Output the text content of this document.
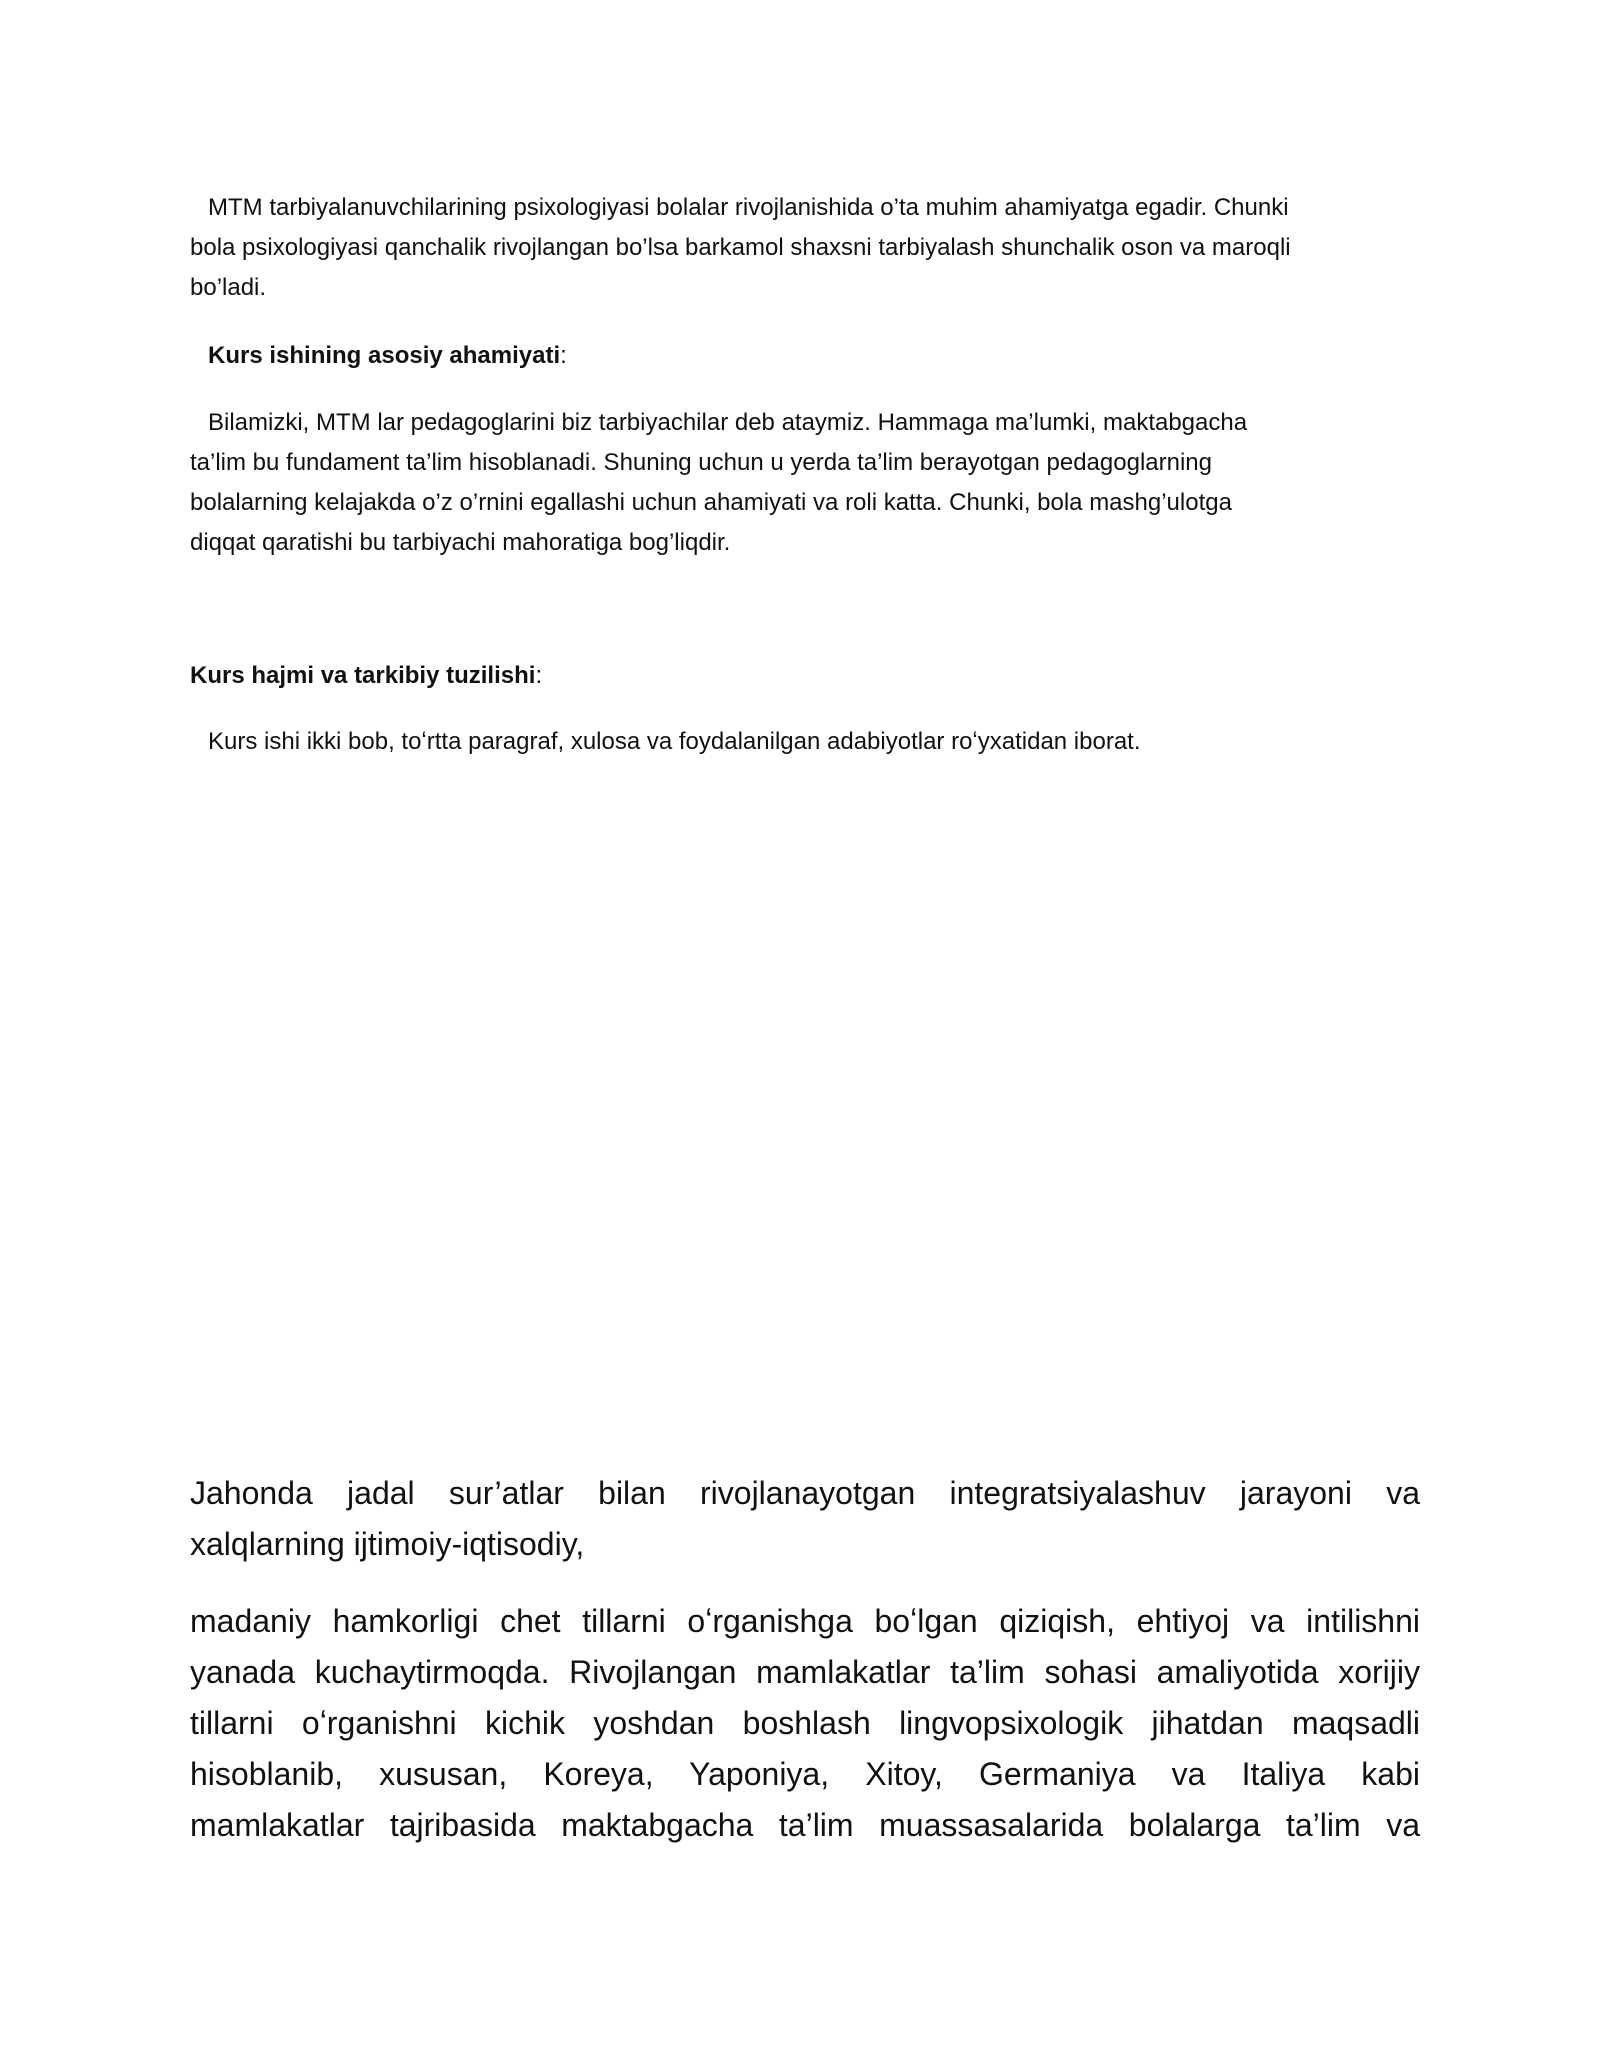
MTM tarbiyalanuvchilarining psixologiyasi bolalar rivojlanishida o’ta muhim ahamiyatga egadir. Chunki
bola psixologiyasi qanchalik rivojlangan bo’lsa barkamol shaxsni tarbiyalash shunchalik oson va maroqli
bo’ladi.
Kurs ishining asosiy ahamiyati:
Bilamizki, MTM lar pedagoglarini biz tarbiyachilar deb ataymiz. Hammaga ma’lumki, maktabgacha
ta’lim bu fundament ta’lim hisoblanadi. Shuning uchun u yerda ta’lim berayotgan pedagoglarning
bolalarning kelajakda o’z o’rnini egallashi uchun ahamiyati va roli katta. Chunki, bola mashg’ulotga
diqqat qaratishi bu tarbiyachi mahoratiga bog’liqdir.
Kurs hajmi va tarkibiy tuzilishi:
Kurs ishi ikki bob, toʻrtta paragraf, xulosa va foydalanilgan adabiyotlar roʻyxatidan iborat.
Jahonda jadal sur’atlar bilan rivojlanayotgan integratsiyalashuv jarayoni va
xalqlarning ijtimoiy-iqtisodiy,
madaniy hamkorligi chet tillarni oʻrganishga boʻlgan qiziqish, ehtiyoj va intilishni
yanada kuchaytirmoqda. Rivojlangan mamlakatlar ta’lim sohasi amaliyotida xorijiy
tillarni oʻrganishni kichik yoshdan boshlash lingvopsixologik jihatdan maqsadli
hisoblanib, xususan, Koreya, Yaponiya, Xitoy, Germaniya va Italiya kabi
mamlakatlar tajribasida maktabgacha ta’lim muassasalarida bolalarga ta’lim va
